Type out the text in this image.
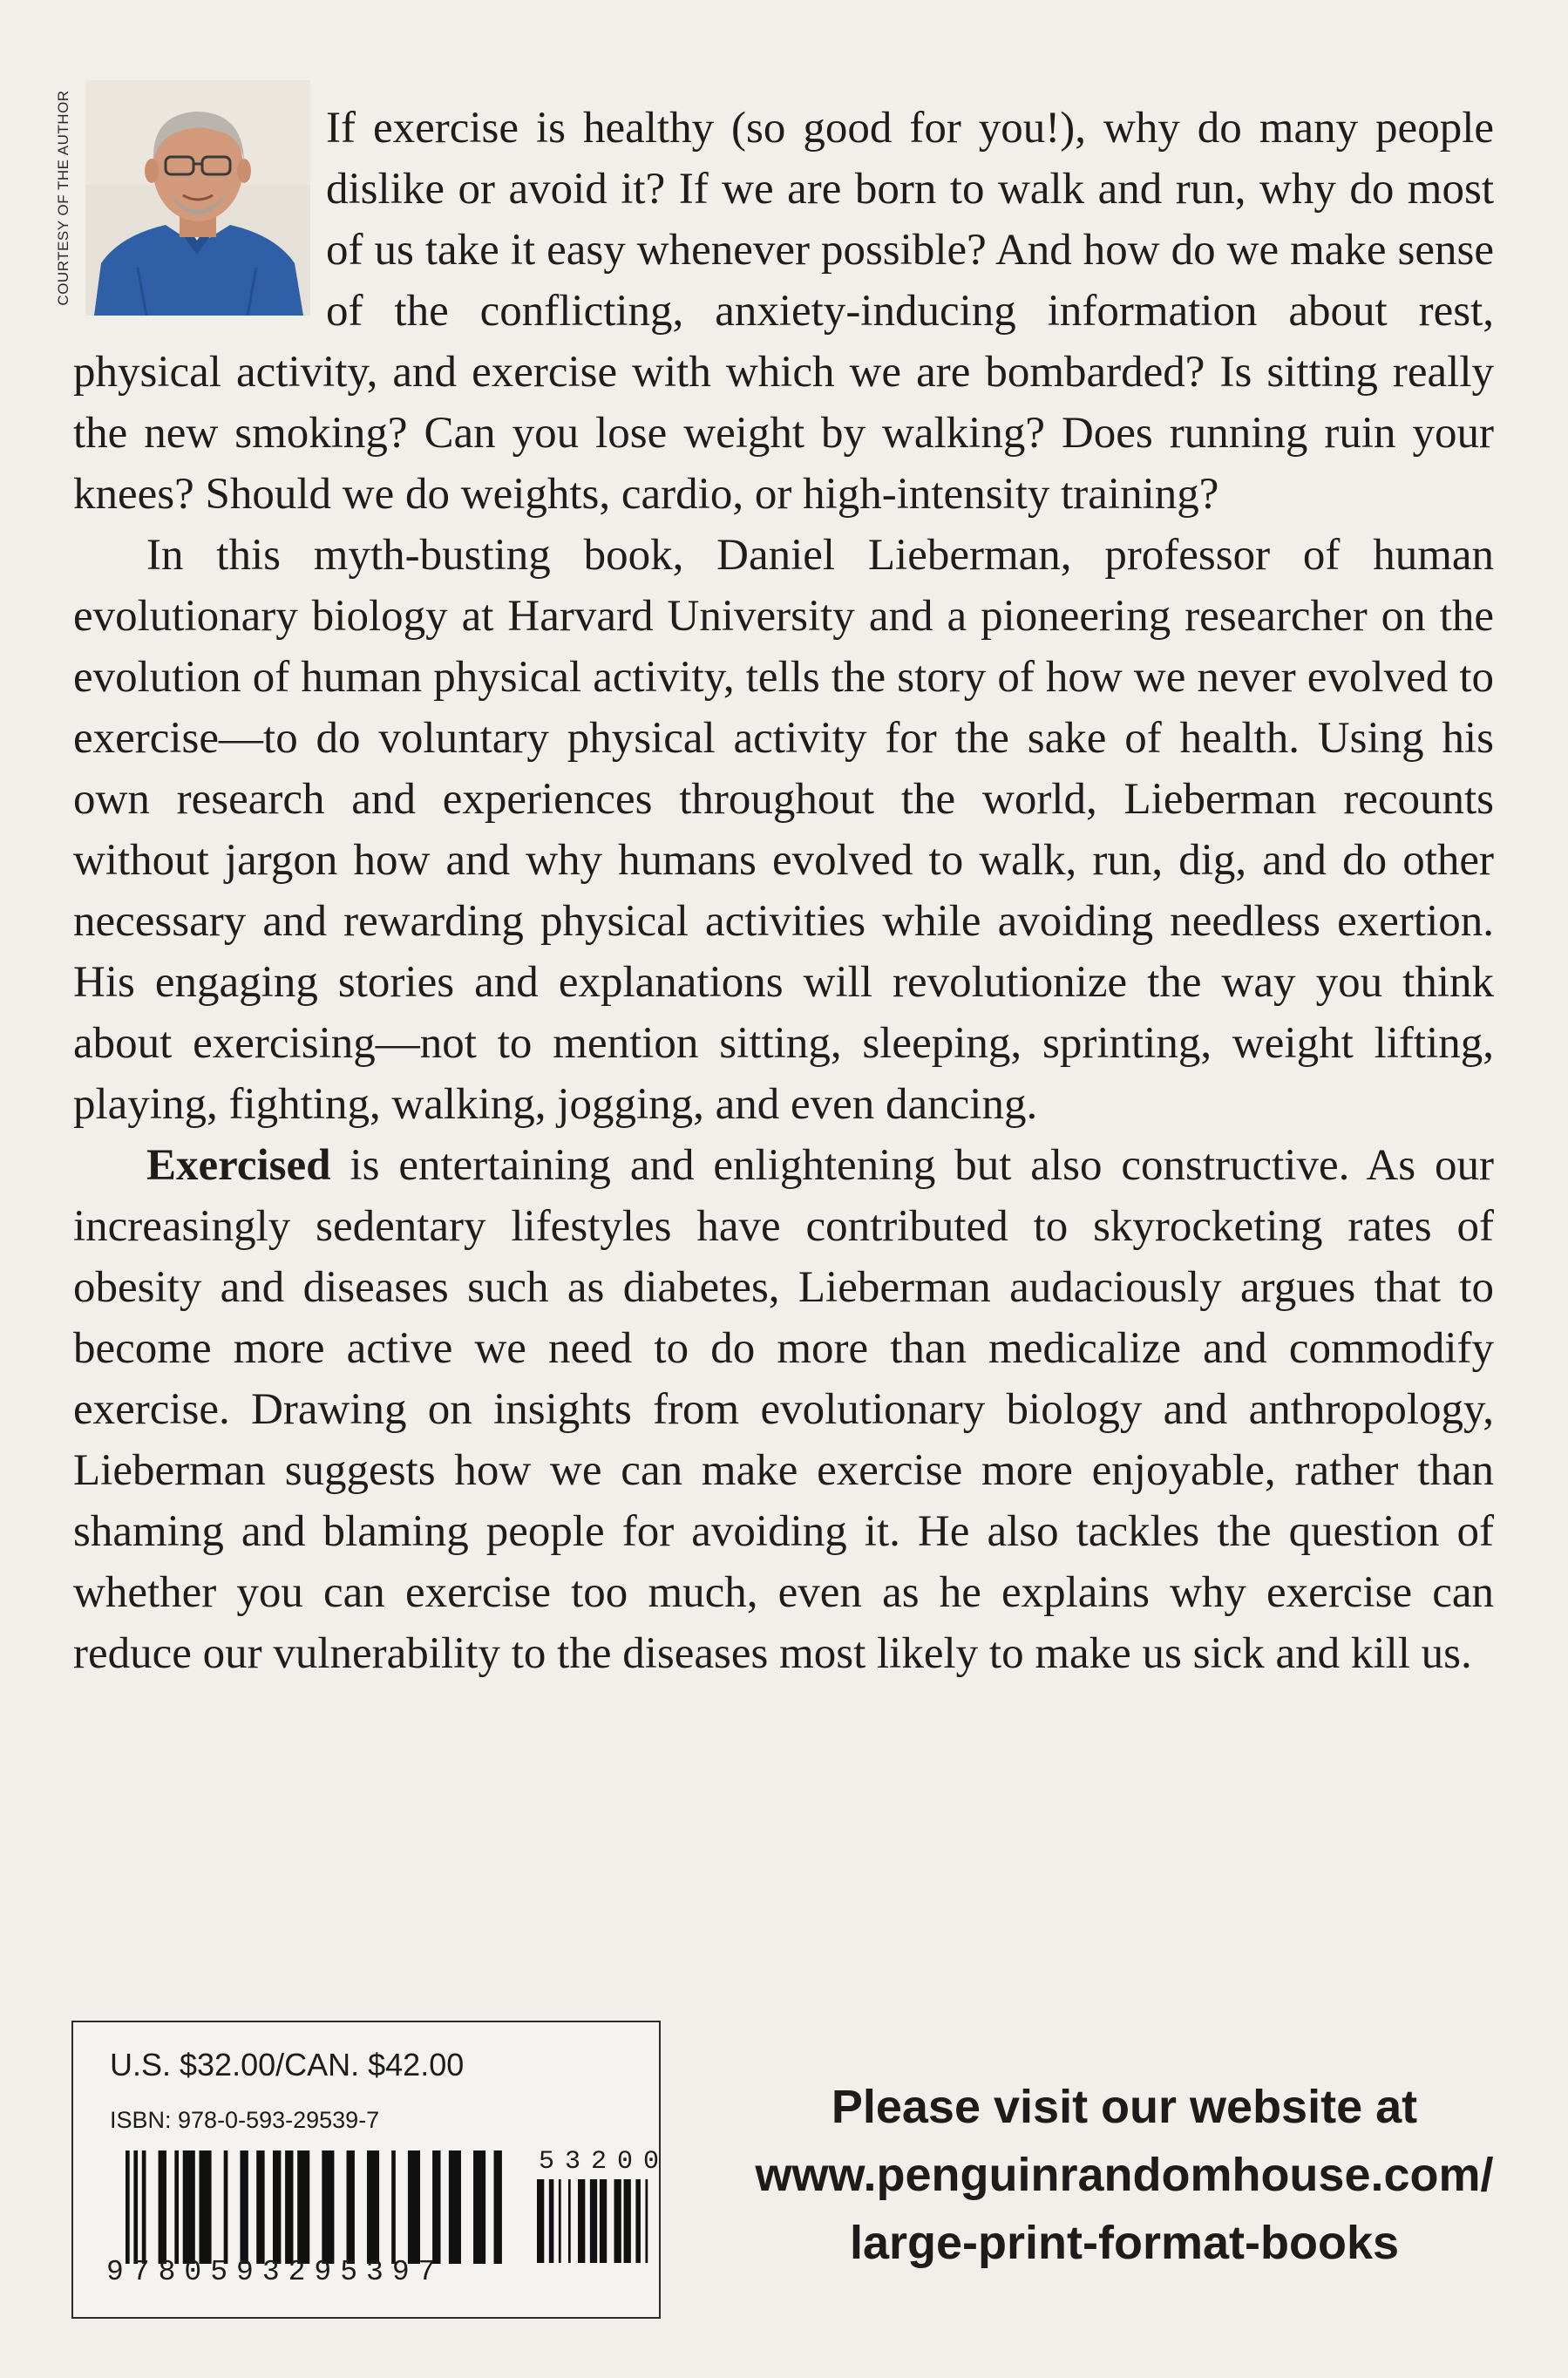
COURTESY OF THE AUTHOR	If exercise is healthy (so good for you!), why do many people dislike or avoid it? If we are born to walk and run, why do most of us take it easy whenever possible? And how do we make sense of the conflicting, anxiety-inducing information about rest, physical activity, and exercise with which we are bombarded? Is sitting really the new smoking? Can you lose weight by walking? Does running ruin your knees? Should we do weights, cardio, or high-intensity training?

In this myth-busting book, Daniel Lieberman, professor of human evolutionary biology at Harvard University and a pioneering researcher on the evolution of human physical activity, tells the story of how we never evolved to exercise—to do voluntary physical activity for the sake of health. Using his own research and experiences throughout the world, Lieberman recounts without jargon how and why humans evolved to walk, run, dig, and do other necessary and rewarding physical activities while avoiding needless exertion. His engaging stories and explanations will revolutionize the way you think about exercising—not to mention sitting, sleeping, sprinting, weight lifting, playing, fighting, walking, jogging, and even dancing.

Exercised is entertaining and enlightening but also constructive. As our increasingly sedentary lifestyles have contributed to skyrocketing rates of obesity and diseases such as diabetes, Lieberman audaciously argues that to become more active we need to do more than medicalize and commodify exercise. Drawing on insights from evolutionary biology and anthropology, Lieberman suggests how we can make exercise more enjoyable, rather than shaming and blaming people for avoiding it. He also tackles the question of whether you can exercise too much, even as he explains why exercise can reduce our vulnerability to the diseases most likely to make us sick and kill us.

U.S. $32.00/CAN. $42.00
ISBN: 978-0-593-29539-7
53200
9780593295397
Please visit our website at
www.penguinrandomhouse.com/
large-print-format-books
